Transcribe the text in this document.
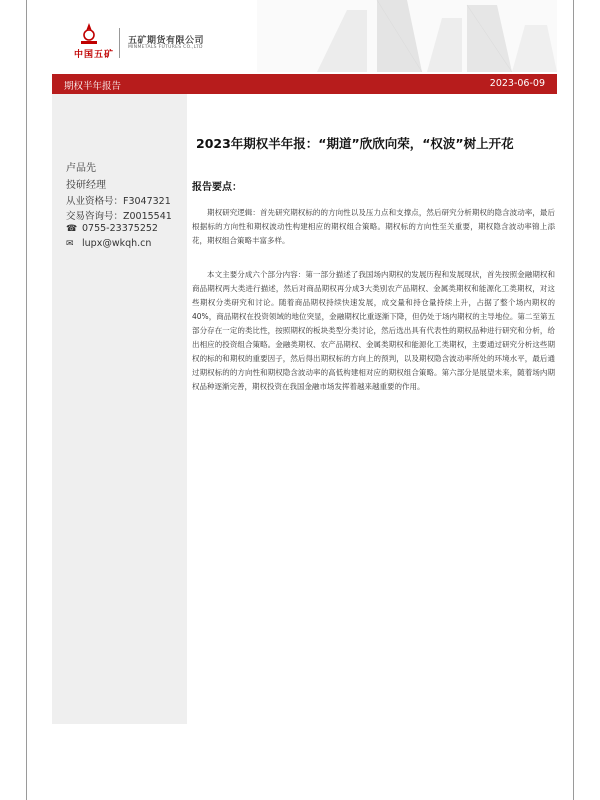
中国五矿
五矿期货有限公司
MINMETALS FUTURES CO.,LTD
期权半年报告	2023-06-09
卢品先
投研经理
从业资格号：F3047321
交易咨询号：Z0015541
☎ 0755-23375252
✉ lupx@wkqh.cn
2023年期权半年报：“期道”欣欣向荣，“权波”树上开花
报告要点：

期权研究逻辑：首先研究期权标的的方向性以及压力点和支撑点，然后研究分析期权的隐含波动率，最后根据标的方向性和期权波动性构建相应的期权组合策略。期权标的方向性至关重要，期权隐含波动率锦上添花，期权组合策略丰富多样。

本文主要分成六个部分内容：第一部分描述了我国场内期权的发展历程和发展现状，首先按照金融期权和商品期权两大类进行描述，然后对商品期权再分成3大类别农产品期权、金属类期权和能源化工类期权，对这些期权分类研究和讨论。随着商品期权持续快速发展，成交量和持仓量持续上升，占据了整个场内期权的40%，商品期权在投资领域的地位突显，金融期权比重逐渐下降，但仍处于场内期权的主导地位。第二至第五部分存在一定的类比性，按照期权的板块类型分类讨论，然后选出具有代表性的期权品种进行研究和分析，给出相应的投资组合策略。金融类期权、农产品期权、金属类期权和能源化工类期权，主要通过研究分析这些期权的标的和期权的重要因子，然后得出期权标的方向上的预判，以及期权隐含波动率所处的环境水平，最后通过期权标的的方向性和期权隐含波动率的高低构建相对应的期权组合策略。第六部分是展望未来，随着场内期权品种逐渐完善，期权投资在我国金融市场发挥着越来越重要的作用。
